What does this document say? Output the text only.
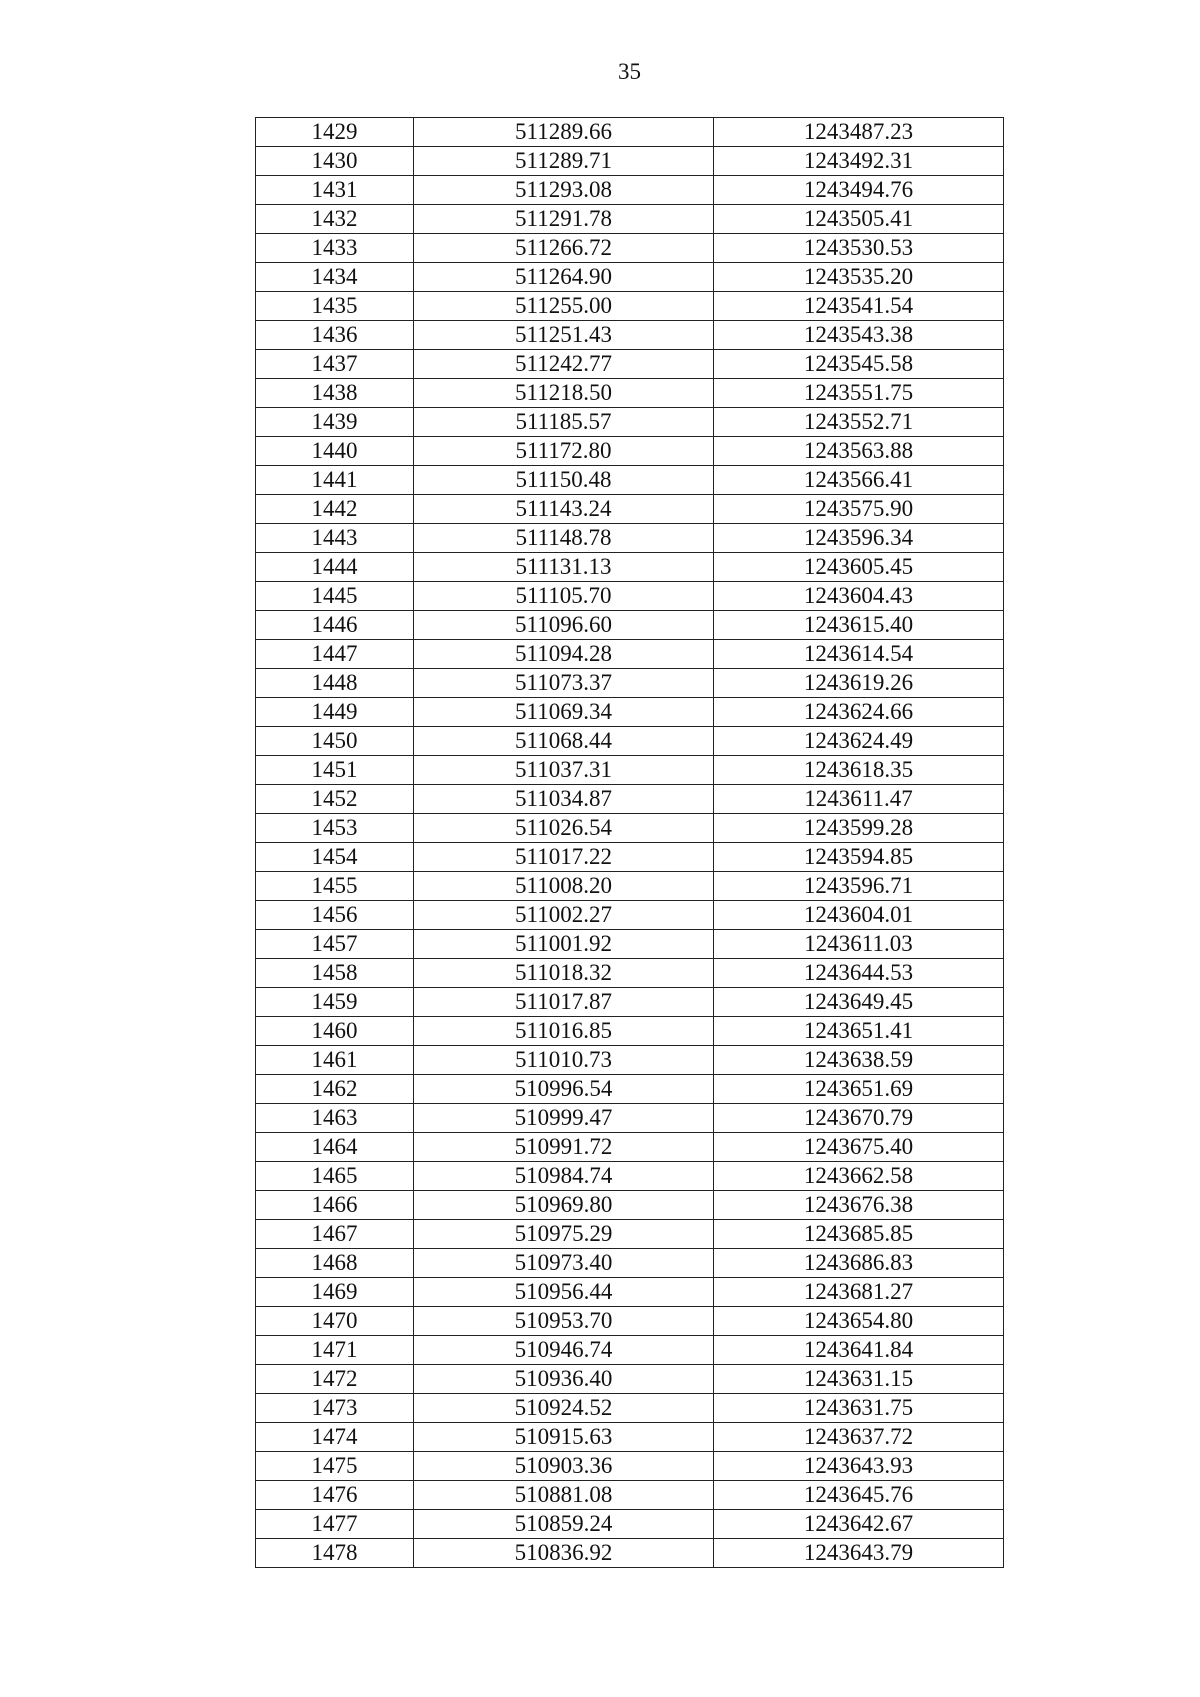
35
1429	511289.66	1243487.23
1430	511289.71	1243492.31
1431	511293.08	1243494.76
1432	511291.78	1243505.41
1433	511266.72	1243530.53
1434	511264.90	1243535.20
1435	511255.00	1243541.54
1436	511251.43	1243543.38
1437	511242.77	1243545.58
1438	511218.50	1243551.75
1439	511185.57	1243552.71
1440	511172.80	1243563.88
1441	511150.48	1243566.41
1442	511143.24	1243575.90
1443	511148.78	1243596.34
1444	511131.13	1243605.45
1445	511105.70	1243604.43
1446	511096.60	1243615.40
1447	511094.28	1243614.54
1448	511073.37	1243619.26
1449	511069.34	1243624.66
1450	511068.44	1243624.49
1451	511037.31	1243618.35
1452	511034.87	1243611.47
1453	511026.54	1243599.28
1454	511017.22	1243594.85
1455	511008.20	1243596.71
1456	511002.27	1243604.01
1457	511001.92	1243611.03
1458	511018.32	1243644.53
1459	511017.87	1243649.45
1460	511016.85	1243651.41
1461	511010.73	1243638.59
1462	510996.54	1243651.69
1463	510999.47	1243670.79
1464	510991.72	1243675.40
1465	510984.74	1243662.58
1466	510969.80	1243676.38
1467	510975.29	1243685.85
1468	510973.40	1243686.83
1469	510956.44	1243681.27
1470	510953.70	1243654.80
1471	510946.74	1243641.84
1472	510936.40	1243631.15
1473	510924.52	1243631.75
1474	510915.63	1243637.72
1475	510903.36	1243643.93
1476	510881.08	1243645.76
1477	510859.24	1243642.67
1478	510836.92	1243643.79
